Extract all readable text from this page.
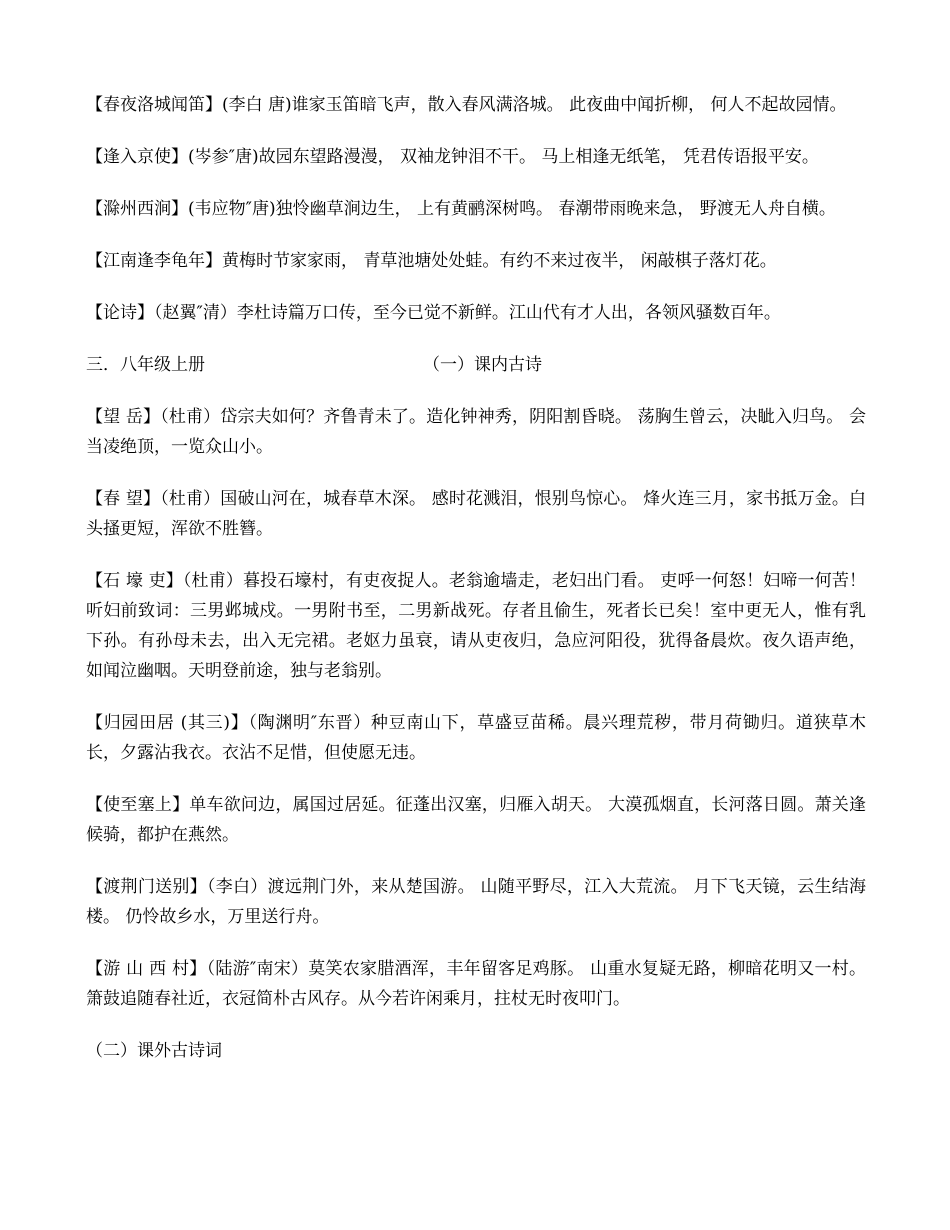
【春夜洛城闻笛】(李白 唐)谁家玉笛暗飞声，散入春风满洛城。 此夜曲中闻折柳， 何人不起故园情。

【逢入京使】(岑参″唐)故园东望路漫漫， 双袖龙钟泪不干。 马上相逢无纸笔， 凭君传语报平安。

【滁州西涧】(韦应物″唐)独怜幽草涧边生， 上有黄鹂深树鸣。 春潮带雨晚来急， 野渡无人舟自横。

【江南逢李龟年】黄梅时节家家雨， 青草池塘处处蛙。有约不来过夜半， 闲敲棋子落灯花。

【论诗】（赵翼″清）李杜诗篇万口传，至今已觉不新鲜。江山代有才人出，各领风骚数百年。

三．八年级上册	（一）课内古诗

【望 岳】（杜甫）岱宗夫如何？齐鲁青未了。造化钟神秀，阴阳割昏晓。 荡胸生曾云，决眦入归鸟。 会当凌绝顶，一览众山小。

【春 望】（杜甫）国破山河在，城春草木深。 感时花溅泪，恨别鸟惊心。 烽火连三月，家书抵万金。白头搔更短，浑欲不胜簪。

【石 壕 吏】（杜甫）暮投石壕村，有吏夜捉人。老翁逾墙走，老妇出门看。 吏呼一何怒！妇啼一何苦！ 听妇前致词：三男邺城戍。一男附书至，二男新战死。存者且偷生，死者长已矣！室中更无人，惟有乳下孙。有孙母未去，出入无完裙。老妪力虽衰，请从吏夜归，急应河阳役，犹得备晨炊。夜久语声绝，如闻泣幽咽。天明登前途，独与老翁别。

【归园田居 (其三)】（陶渊明″东晋）种豆南山下，草盛豆苗稀。晨兴理荒秽，带月荷锄归。道狭草木长，夕露沾我衣。衣沾不足惜，但使愿无违。

【使至塞上】单车欲问边，属国过居延。征蓬出汉塞，归雁入胡天。 大漠孤烟直，长河落日圆。萧关逢候骑，都护在燕然。

【渡荆门送别】（李白）渡远荆门外，来从楚国游。 山随平野尽，江入大荒流。 月下飞天镜，云生结海楼。 仍怜故乡水，万里送行舟。

【游 山 西 村】（陆游″南宋）莫笑农家腊酒浑，丰年留客足鸡豚。 山重水复疑无路，柳暗花明又一村。箫鼓追随春社近，衣冠简朴古风存。从今若许闲乘月，拄杖无时夜叩门。

（二）课外古诗词
